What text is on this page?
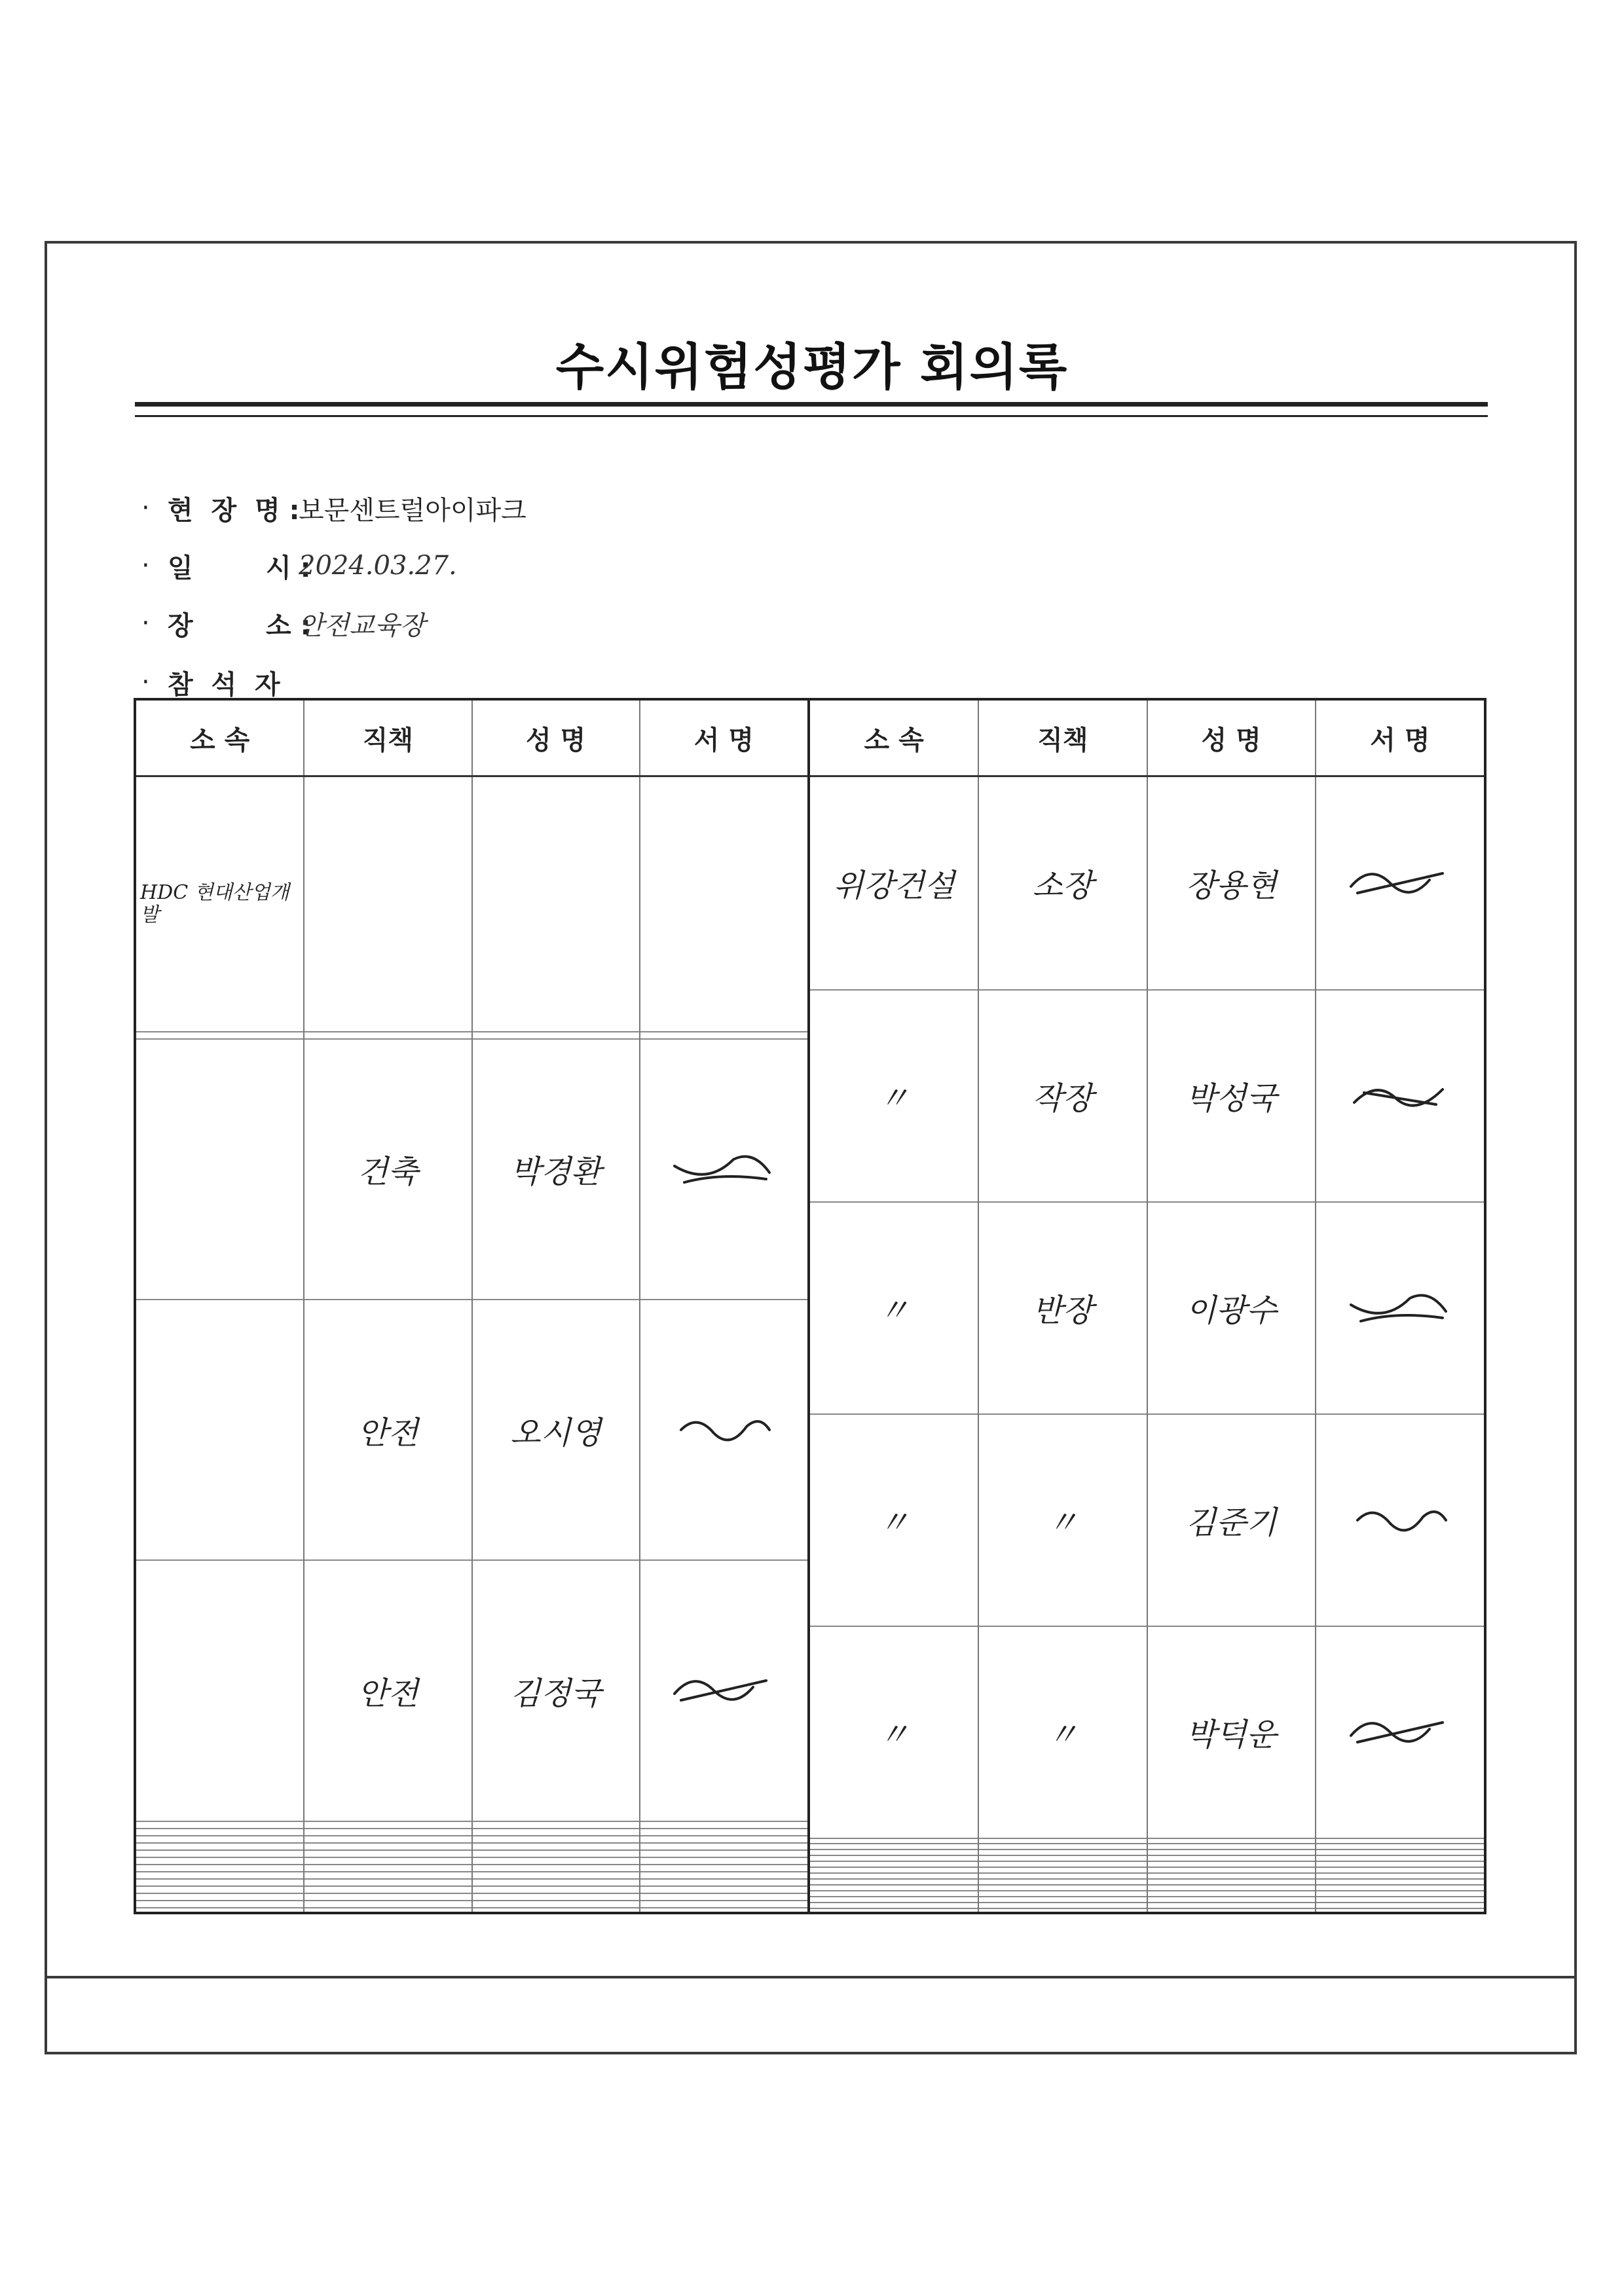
수시위험성평가 회의록
· 현  장  명 :
보문센트럴아이파크
· 일        시 :
2024.03.27.
· 장        소 :
안전교육장
· 참  석  자
소 속	직책	성 명	서 명
HDC 현대산업개발			

	건축	박경환	

	안전	오시영	

	안전	김정국	

소 속	직책	성 명	서 명
위강건설	소장	장용현	

〃	작장	박성국	

〃	반장	이광수	

〃	〃	김준기	

〃	〃	박덕운	
